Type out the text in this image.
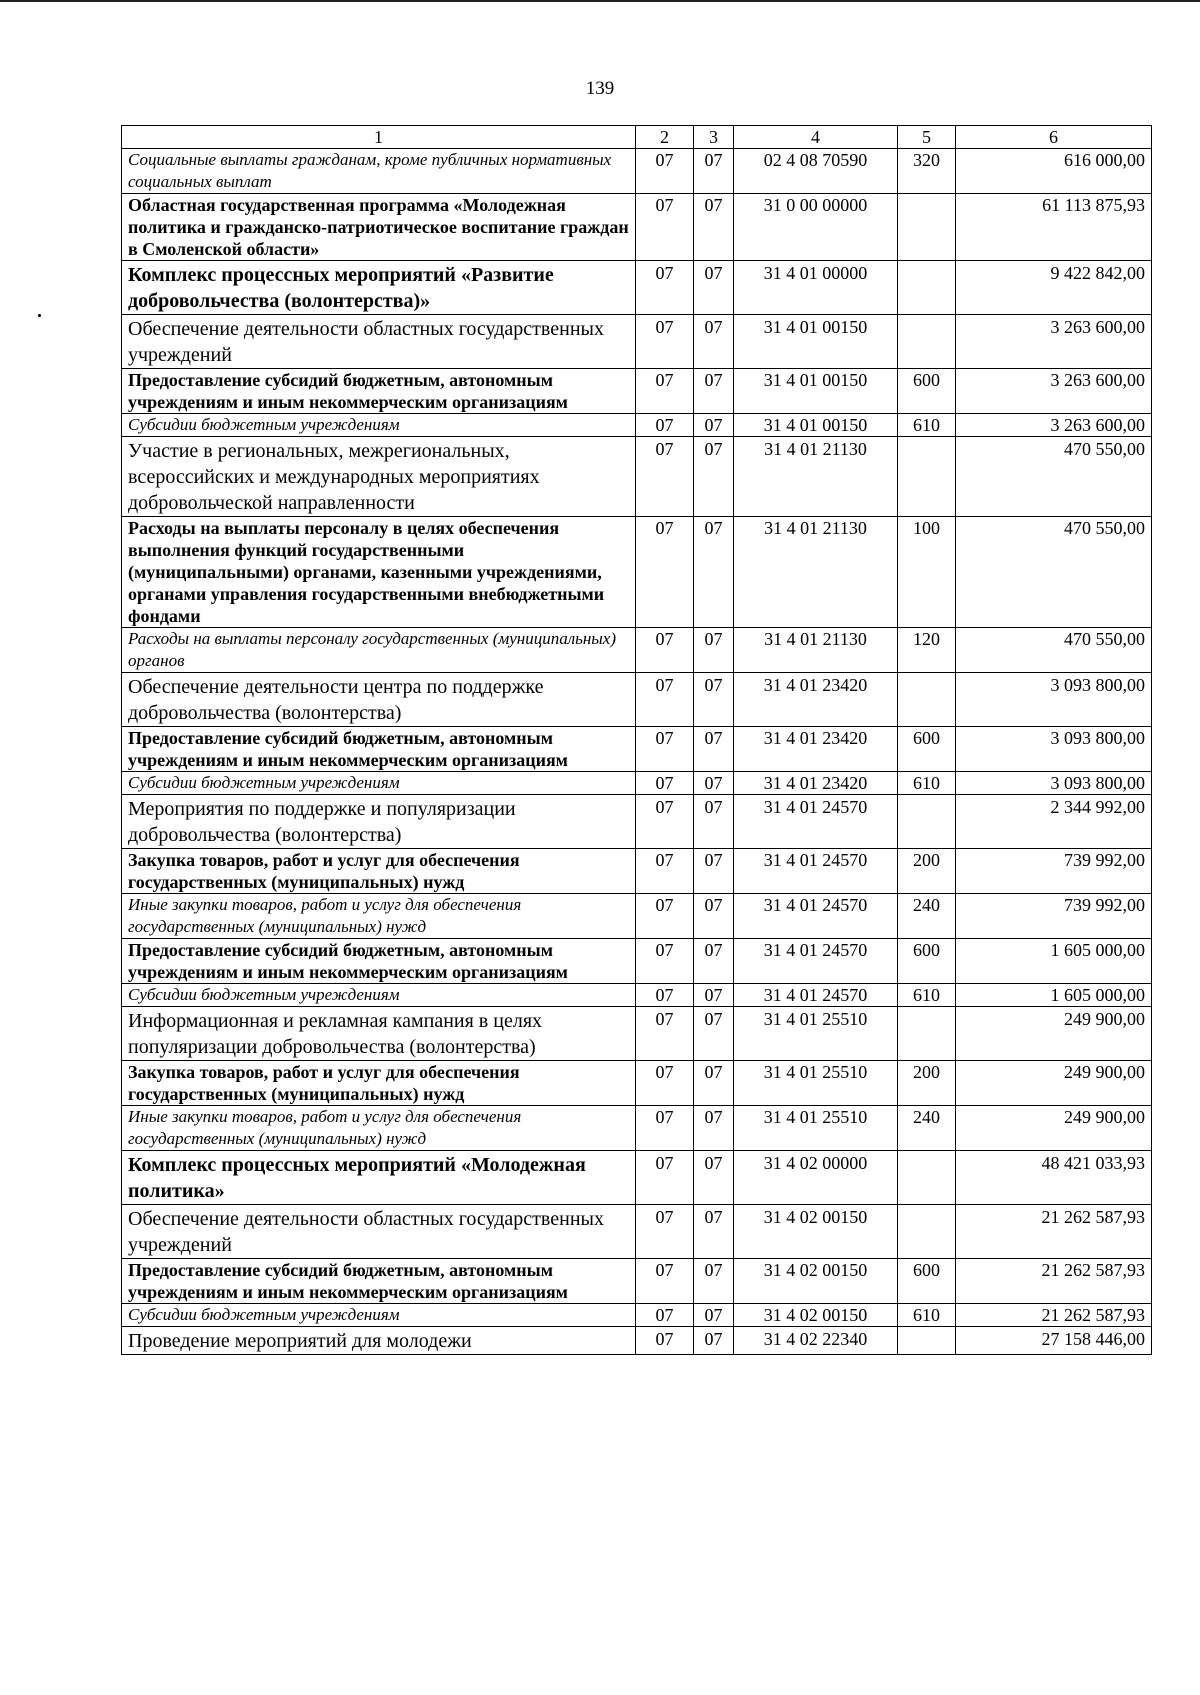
139
1	2	3	4	5	6
Социальные выплаты гражданам, кроме публичных нормативных социальных выплат	07	07	02 4 08 70590	320	616 000,00
Областная государственная программа «Молодежная политика и гражданско-патриотическое воспитание граждан в Смоленской области»	07	07	31 0 00 00000		61 113 875,93
Комплекс процессных мероприятий «Развитие добровольчества (волонтерства)»	07	07	31 4 01 00000		9 422 842,00
Обеспечение деятельности областных государственных учреждений	07	07	31 4 01 00150		3 263 600,00
Предоставление субсидий бюджетным, автономным учреждениям и иным некоммерческим организациям	07	07	31 4 01 00150	600	3 263 600,00
Субсидии бюджетным учреждениям	07	07	31 4 01 00150	610	3 263 600,00
Участие в региональных, межрегиональных, всероссийских и международных мероприятиях добровольческой направленности	07	07	31 4 01 21130		470 550,00
Расходы на выплаты персоналу в целях обеспечения выполнения функций государственными (муниципальными) органами, казенными учреждениями, органами управления государственными внебюджетными фондами	07	07	31 4 01 21130	100	470 550,00
Расходы на выплаты персоналу государственных (муниципальных) органов	07	07	31 4 01 21130	120	470 550,00
Обеспечение деятельности центра по поддержке добровольчества (волонтерства)	07	07	31 4 01 23420		3 093 800,00
Предоставление субсидий бюджетным, автономным учреждениям и иным некоммерческим организациям	07	07	31 4 01 23420	600	3 093 800,00
Субсидии бюджетным учреждениям	07	07	31 4 01 23420	610	3 093 800,00
Мероприятия по поддержке и популяризации добровольчества (волонтерства)	07	07	31 4 01 24570		2 344 992,00
Закупка товаров, работ и услуг для обеспечения государственных (муниципальных) нужд	07	07	31 4 01 24570	200	739 992,00
Иные закупки товаров, работ и услуг для обеспечения государственных (муниципальных) нужд	07	07	31 4 01 24570	240	739 992,00
Предоставление субсидий бюджетным, автономным учреждениям и иным некоммерческим организациям	07	07	31 4 01 24570	600	1 605 000,00
Субсидии бюджетным учреждениям	07	07	31 4 01 24570	610	1 605 000,00
Информационная и рекламная кампания в целях популяризации добровольчества (волонтерства)	07	07	31 4 01 25510		249 900,00
Закупка товаров, работ и услуг для обеспечения государственных (муниципальных) нужд	07	07	31 4 01 25510	200	249 900,00
Иные закупки товаров, работ и услуг для обеспечения государственных (муниципальных) нужд	07	07	31 4 01 25510	240	249 900,00
Комплекс процессных мероприятий «Молодежная политика»	07	07	31 4 02 00000		48 421 033,93
Обеспечение деятельности областных государственных учреждений	07	07	31 4 02 00150		21 262 587,93
Предоставление субсидий бюджетным, автономным учреждениям и иным некоммерческим организациям	07	07	31 4 02 00150	600	21 262 587,93
Субсидии бюджетным учреждениям	07	07	31 4 02 00150	610	21 262 587,93
Проведение мероприятий для молодежи	07	07	31 4 02 22340		27 158 446,00
